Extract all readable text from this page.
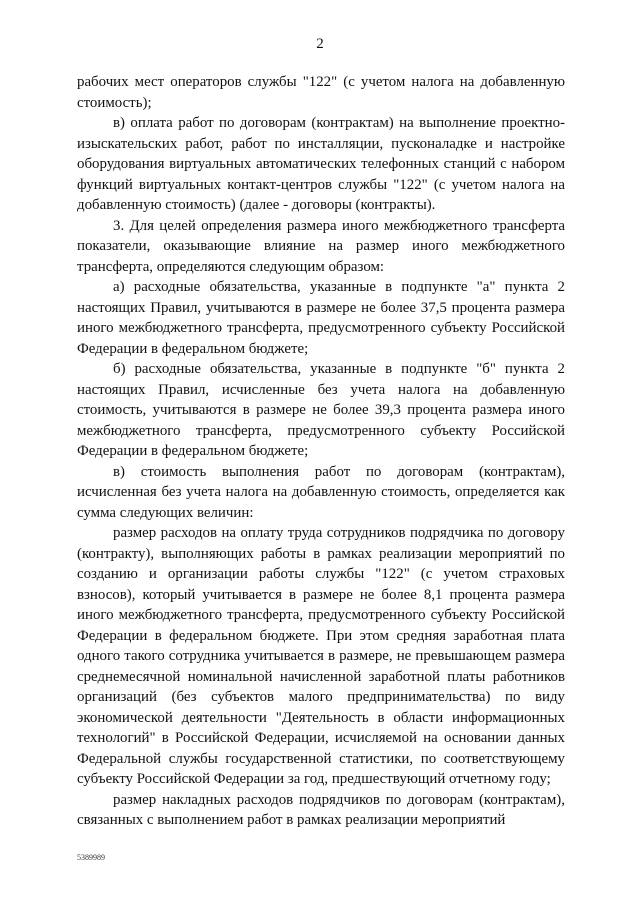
2

рабочих мест операторов службы "122" (с учетом налога на добавленную стоимость);

в) оплата работ по договорам (контрактам) на выполнение проектно-изыскательских работ, работ по инсталляции, пусконаладке и настройке оборудования виртуальных автоматических телефонных станций с набором функций виртуальных контакт-центров службы "122" (с учетом налога на добавленную стоимость) (далее - договоры (контракты).

3. Для целей определения размера иного межбюджетного трансферта показатели, оказывающие влияние на размер иного межбюджетного трансферта, определяются следующим образом:

а) расходные обязательства, указанные в подпункте "а" пункта 2 настоящих Правил, учитываются в размере не более 37,5 процента размера иного межбюджетного трансферта, предусмотренного субъекту Российской Федерации в федеральном бюджете;

б) расходные обязательства, указанные в подпункте "б" пункта 2 настоящих Правил, исчисленные без учета налога на добавленную стоимость, учитываются в размере не более 39,3 процента размера иного межбюджетного трансферта, предусмотренного субъекту Российской Федерации в федеральном бюджете;

в) стоимость выполнения работ по договорам (контрактам), исчисленная без учета налога на добавленную стоимость, определяется как сумма следующих величин:

размер расходов на оплату труда сотрудников подрядчика по договору (контракту), выполняющих работы в рамках реализации мероприятий по созданию и организации работы службы "122" (с учетом страховых взносов), который учитывается в размере не более 8,1 процента размера иного межбюджетного трансферта, предусмотренного субъекту Российской Федерации в федеральном бюджете. При этом средняя заработная плата одного такого сотрудника учитывается в размере, не превышающем размера среднемесячной номинальной начисленной заработной платы работников организаций (без субъектов малого предпринимательства) по виду экономической деятельности "Деятельность в области информационных технологий" в Российской Федерации, исчисляемой на основании данных Федеральной службы государственной статистики, по соответствующему субъекту Российской Федерации за год, предшествующий отчетному году;

размер накладных расходов подрядчиков по договорам (контрактам), связанных с выполнением работ в рамках реализации мероприятий

5389989
